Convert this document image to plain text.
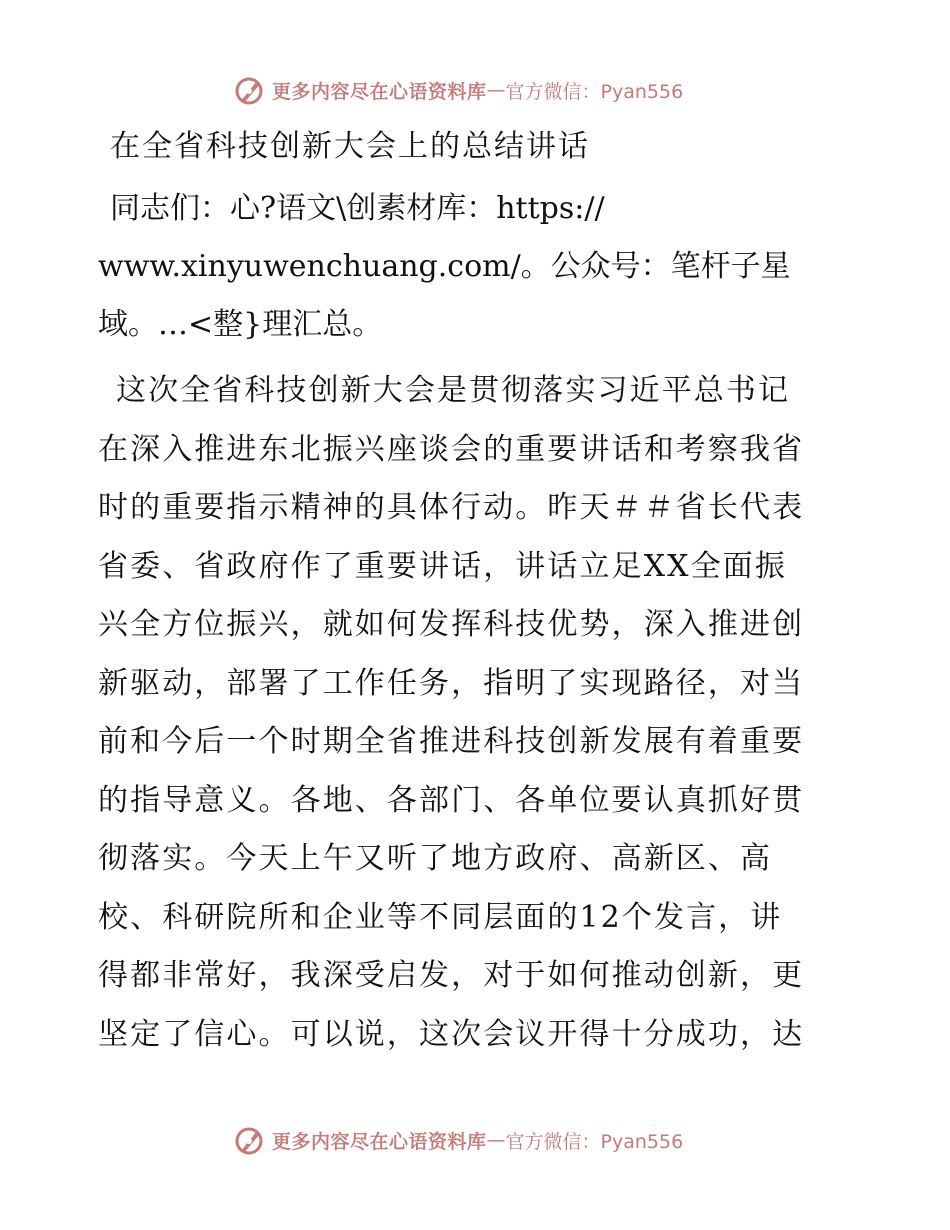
更多内容尽在心语资料库 — 官方微信：Pyan556
在全省科技创新大会上的总结讲话
同志们：心?语文\创素材库：https://
www.xinyuwenchuang.com/。公众号：笔杆子星
域。…<整}理汇总。
这次全省科技创新大会是贯彻落实习近平总书记
在深入推进东北振兴座谈会的重要讲话和考察我省
时的重要指示精神的具体行动。昨天＃＃省长代表
省委、省政府作了重要讲话，讲话立足XX全面振
兴全方位振兴，就如何发挥科技优势，深入推进创
新驱动，部署了工作任务，指明了实现路径，对当
前和今后一个时期全省推进科技创新发展有着重要
的指导意义。各地、各部门、各单位要认真抓好贯
彻落实。今天上午又听了地方政府、高新区、高
校、科研院所和企业等不同层面的12个发言，讲
得都非常好，我深受启发，对于如何推动创新，更
坚定了信心。可以说，这次会议开得十分成功，达
更多内容尽在心语资料库 — 官方微信：Pyan556
